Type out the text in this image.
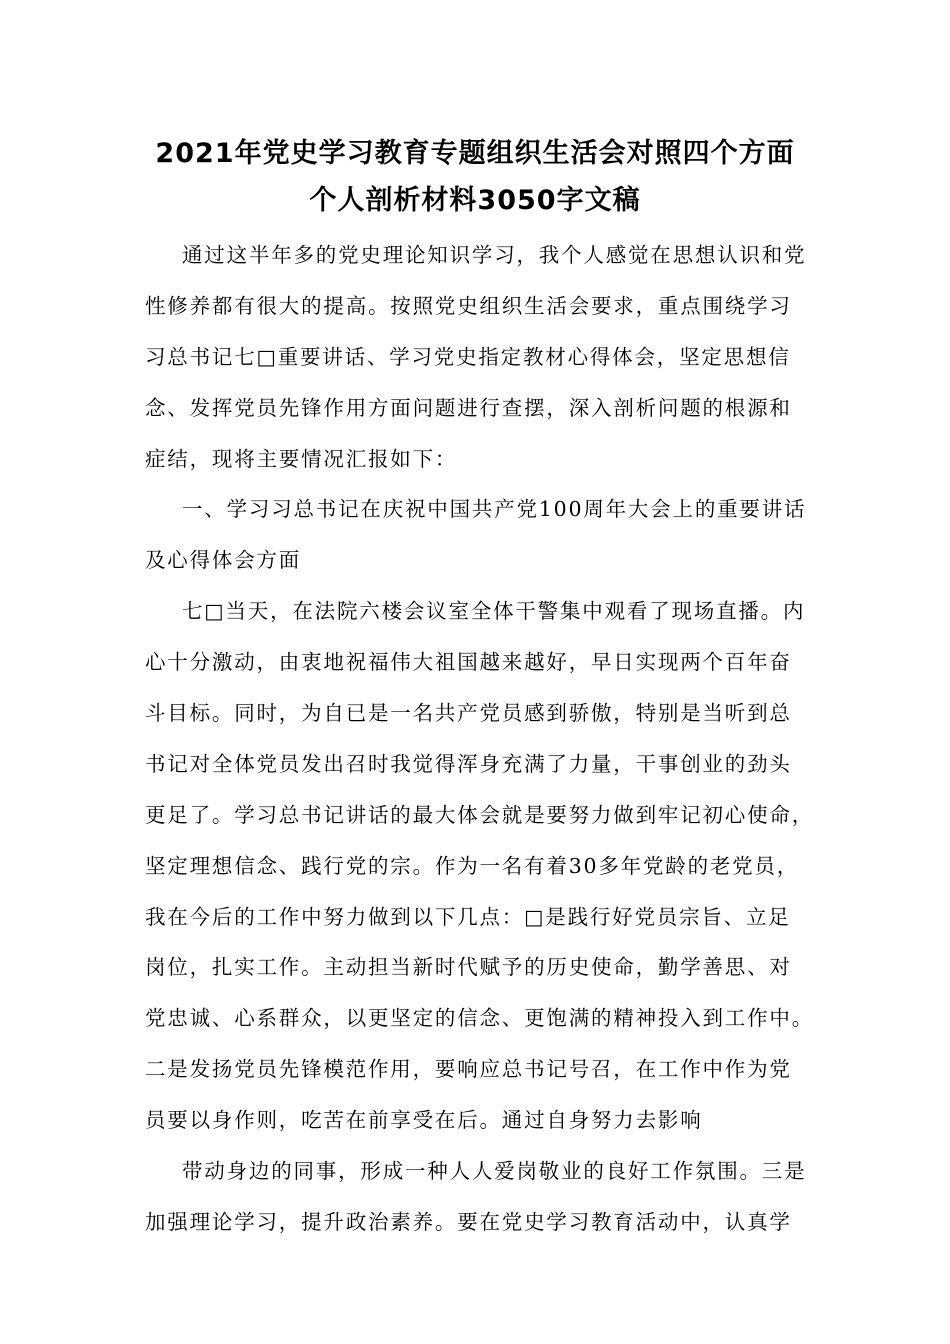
2021年党史学习教育专题组织生活会对照四个方面
个人剖析材料3050字文稿
通过这半年多的党史理论知识学习，我个人感觉在思想认识和党
性修养都有很大的提高。按照党史组织生活会要求，重点围绕学习
习总书记七□重要讲话、学习党史指定教材心得体会，坚定思想信
念、发挥党员先锋作用方面问题进行查摆，深入剖析问题的根源和
症结，现将主要情况汇报如下：
一、学习习总书记在庆祝中国共产党100周年大会上的重要讲话
及心得体会方面
七□当天，在法院六楼会议室全体干警集中观看了现场直播。内
心十分激动，由衷地祝福伟大祖国越来越好，早日实现两个百年奋
斗目标。同时，为自已是一名共产党员感到骄傲，特别是当听到总
书记对全体党员发出召时我觉得浑身充满了力量，干事创业的劲头
更足了。学习总书记讲话的最大体会就是要努力做到牢记初心使命，
坚定理想信念、践行党的宗。作为一名有着30多年党龄的老党员，
我在今后的工作中努力做到以下几点：□是践行好党员宗旨、立足
岗位，扎实工作。主动担当新时代赋予的历史使命，勤学善思、对
党忠诚、心系群众，以更坚定的信念、更饱满的精神投入到工作中。
二是发扬党员先锋模范作用，要响应总书记号召，在工作中作为党
员要以身作则，吃苦在前享受在后。通过自身努力去影响
带动身边的同事，形成一种人人爱岗敬业的良好工作氛围。三是
加强理论学习，提升政治素养。要在党史学习教育活动中，认真学
